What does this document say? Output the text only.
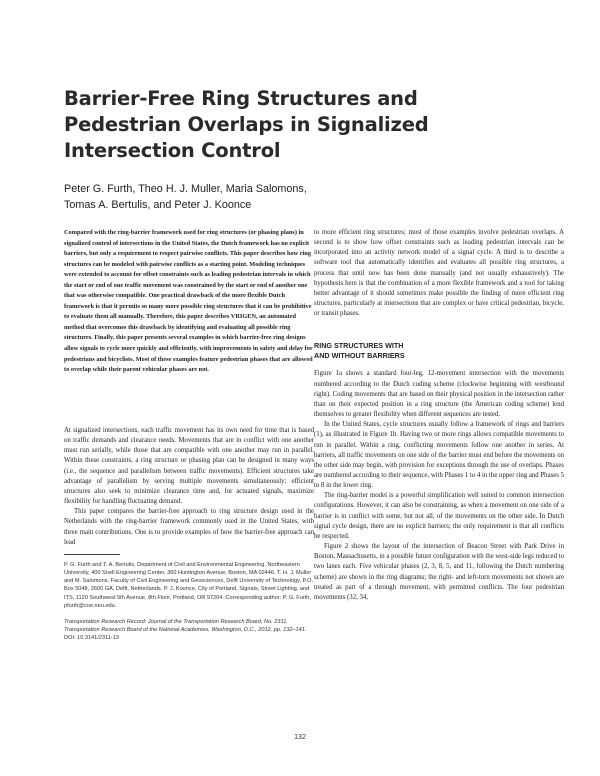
Barrier-Free Ring Structures and
Pedestrian Overlaps in Signalized
Intersection Control
Peter G. Furth, Theo H. J. Muller, Maria Salomons,
Tomas A. Bertulis, and Peter J. Koonce

Compared with the ring-barrier framework used for ring structures (or phasing plans) in signalized control of intersections in the United States, the Dutch framework has no explicit barriers, but only a requirement to respect pairwise conflicts. This paper describes how ring structures can be modeled with pairwise conflicts as a starting point. Modeling techniques were extended to account for offset constraints such as leading pedestrian intervals in which the start or end of one traffic movement was constrained by the start or end of another one that was otherwise compatible. One practical drawback of the more flexible Dutch framework is that it permits so many more possible ring structures that it can be prohibitive to evaluate them all manually. Therefore, this paper describes VRIGEN, an automated method that overcomes this drawback by identifying and evaluating all possible ring structures. Finally, this paper presents several examples in which barrier-free ring designs allow signals to cycle more quickly and efficiently, with improvements in safety and delay for pedestrians and bicyclists. Most of these examples feature pedestrian phases that are allowed to overlap while their parent vehicular phases are not.

At signalized intersections, each traffic movement has its own need for time that is based on traffic demands and clearance needs. Movements that are in conflict with one another must run serially, while those that are compatible with one another may run in parallel. Within these constraints, a ring structure or phasing plan can be designed in many ways (i.e., the sequence and parallelism between traffic movements). Efficient structures take advantage of parallelism by serving multiple movements simultaneously; efficient structures also seek to minimize clearance time and, for actuated signals, maximize flexibility for handling fluctuating demand.

This paper compares the barrier-free approach to ring structure design used in the Netherlands with the ring-barrier framework commonly used in the United States, with three main contributions. One is to provide examples of how the barrier-free approach can lead

P. G. Furth and T. A. Bertulis, Department of Civil and Environmental Engineering, Northeastern University, 400 Snell Engineering Center, 360 Huntington Avenue, Boston, MA 02446. T. H. J. Muller and M. Salomons, Faculty of Civil Engineering and Geosciences, Delft University of Technology, P.O. Box 5048, 2600 GA, Delft, Netherlands. P. J. Koonce, City of Portland, Signals, Street Lighting, and ITS, 1120 Southwest 5th Avenue, 8th Floor, Portland, OR 97204. Corresponding author: P. G. Furth, pfurth@coe.neu.edu.

Transportation Research Record: Journal of the Transportation Research Board, No. 2311, Transportation Research Board of the National Academies, Washington, D.C., 2012, pp. 132–141.

DOI: 10.3141/2311-13

to more efficient ring structures; most of those examples involve pedestrian overlaps. A second is to show how offset constraints such as leading pedestrian intervals can be incorporated into an activity network model of a signal cycle. A third is to describe a software tool that automatically identifies and evaluates all possible ring structures, a process that until now has been done manually (and not usually exhaustively). The hypothesis here is that the combination of a more flexible framework and a tool for taking better advantage of it should sometimes make possible the finding of more efficient ring structures, particularly at intersections that are complex or have critical pedestrian, bicycle, or transit phases.

RING STRUCTURES WITH
AND WITHOUT BARRIERS

Figure 1a shows a standard four-leg, 12-movement intersection with the movements numbered according to the Dutch coding scheme (clockwise beginning with westbound right). Coding movements that are based on their physical position in the intersection rather than on their expected position in a ring structure (the American coding scheme) lend themselves to greater flexibility when different sequences are tested.

In the United States, cycle structures usually follow a framework of rings and barriers (1), as illustrated in Figure 1b. Having two or more rings allows compatible movements to run in parallel. Within a ring, conflicting movements follow one another in series. At barriers, all traffic movements on one side of the barrier must end before the movements on the other side may begin, with provision for exceptions through the use of overlaps. Phases are numbered according to their sequence, with Phases 1 to 4 in the upper ring and Phases 5 to 8 in the lower ring.

The ring-barrier model is a powerful simplification well suited to common intersection configurations. However, it can also be constraining, as when a movement on one side of a barrier is in conflict with some, but not all, of the movements on the other side. In Dutch signal cycle design, there are no explicit barriers; the only requirement is that all conflicts be respected.

Figure 2 shows the layout of the intersection of Beacon Street with Park Drive in Boston, Massachusetts, in a possible future configuration with the west-side legs reduced to two lanes each. Five vehicular phases (2, 3, 8, 5, and 11, following the Dutch numbering scheme) are shown in the ring diagrams; the right- and left-turn movements not shown are treated as part of a through movement, with permitted conflicts. The four pedestrian movements (32, 34,

132
